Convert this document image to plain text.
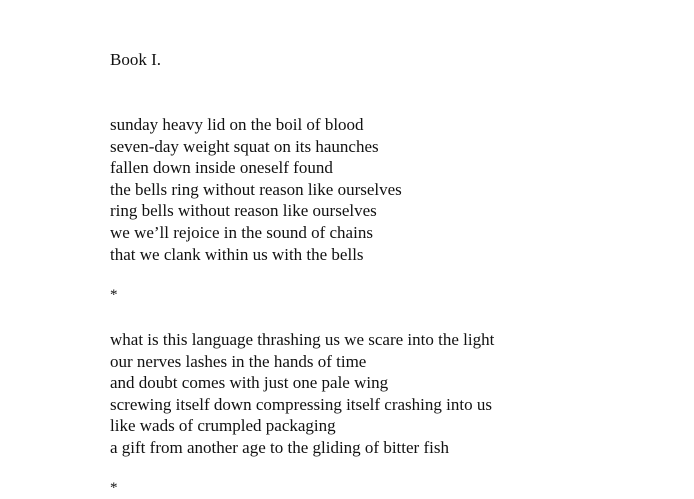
Book I.
sunday heavy lid on the boil of blood
seven-day weight squat on its haunches
fallen down inside oneself found
the bells ring without reason like ourselves
ring bells without reason like ourselves
we we’ll rejoice in the sound of chains
that we clank within us with the bells
*
what is this language thrashing us we scare into the light
our nerves lashes in the hands of time
and doubt comes with just one pale wing
screwing itself down compressing itself crashing into us
like wads of crumpled packaging
a gift from another age to the gliding of bitter fish
*
